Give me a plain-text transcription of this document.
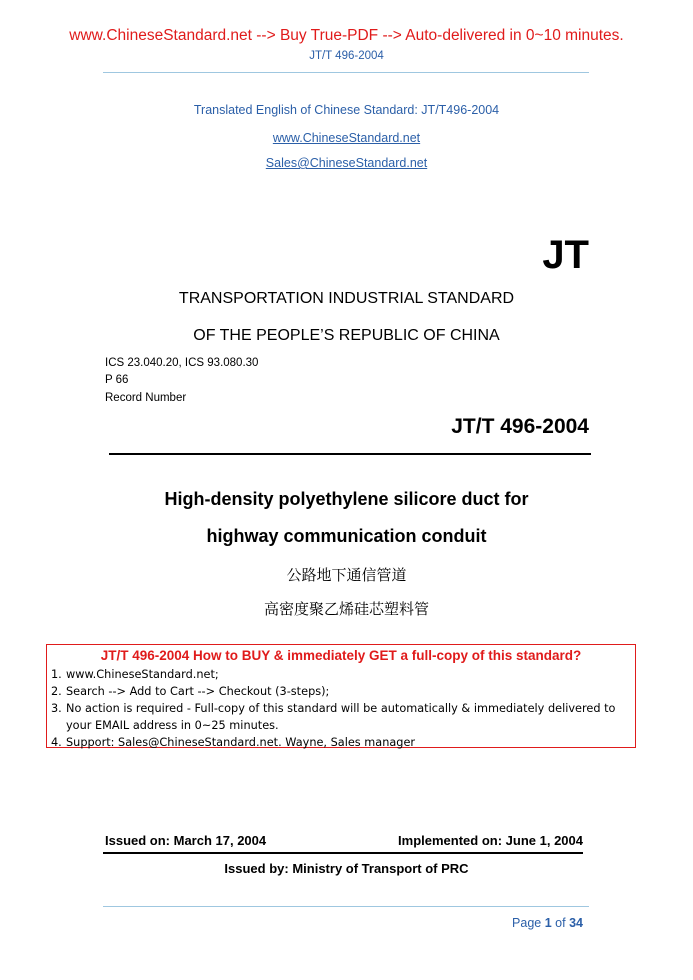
www.ChineseStandard.net --> Buy True-PDF --> Auto-delivered in 0~10 minutes.
JT/T 496-2004
Translated English of Chinese Standard: JT/T496-2004
www.ChineseStandard.net
Sales@ChineseStandard.net
JT
TRANSPORTATION INDUSTRIAL STANDARD
OF THE PEOPLE’S REPUBLIC OF CHINA
ICS 23.040.20, ICS 93.080.30
P 66
Record Number
JT/T 496-2004
High-density polyethylene silicore duct for
highway communication conduit
公路地下通信管道
高密度聚乙烯硅芯塑料管
JT/T 496-2004 How to BUY & immediately GET a full-copy of this standard?
1. www.ChineseStandard.net;
2. Search --> Add to Cart --> Checkout (3-steps);
3. No action is required - Full-copy of this standard will be automatically & immediately delivered to your EMAIL address in 0~25 minutes.
4. Support: Sales@ChineseStandard.net. Wayne, Sales manager
Issued on: March 17, 2004	Implemented on: June 1, 2004
Issued by: Ministry of Transport of PRC
Page 1 of 34
